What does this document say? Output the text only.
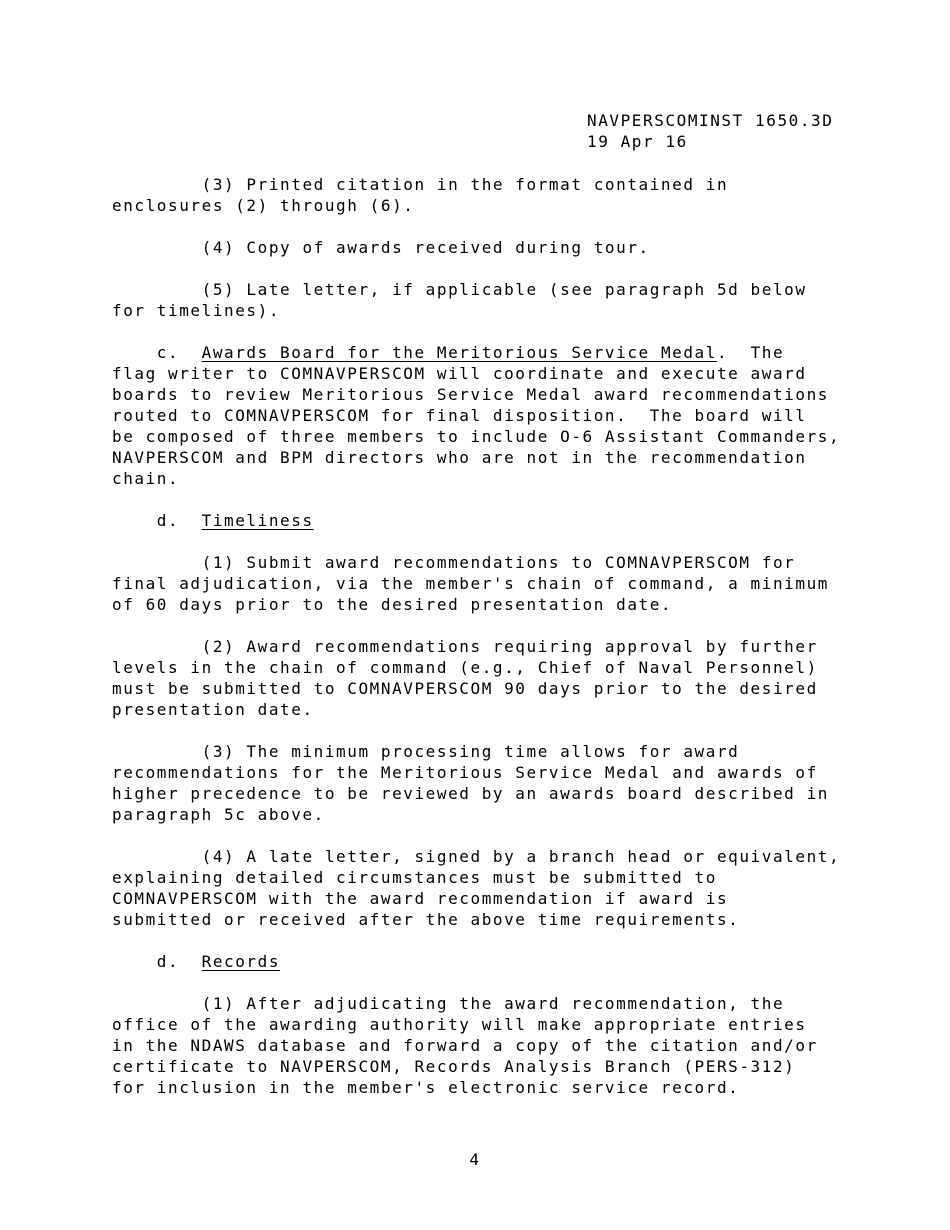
NAVPERSCOMINST 1650.3D
19 Apr 16
(3) Printed citation in the format contained in
enclosures (2) through (6).
(4) Copy of awards received during tour.
(5) Late letter, if applicable (see paragraph 5d below
for timelines).
c.  Awards Board for the Meritorious Service Medal.  The
flag writer to COMNAVPERSCOM will coordinate and execute award
boards to review Meritorious Service Medal award recommendations
routed to COMNAVPERSCOM for final disposition.  The board will
be composed of three members to include O-6 Assistant Commanders,
NAVPERSCOM and BPM directors who are not in the recommendation
chain.
d.  Timeliness
(1) Submit award recommendations to COMNAVPERSCOM for
final adjudication, via the member's chain of command, a minimum
of 60 days prior to the desired presentation date.
(2) Award recommendations requiring approval by further
levels in the chain of command (e.g., Chief of Naval Personnel)
must be submitted to COMNAVPERSCOM 90 days prior to the desired
presentation date.
(3) The minimum processing time allows for award
recommendations for the Meritorious Service Medal and awards of
higher precedence to be reviewed by an awards board described in
paragraph 5c above.
(4) A late letter, signed by a branch head or equivalent,
explaining detailed circumstances must be submitted to
COMNAVPERSCOM with the award recommendation if award is
submitted or received after the above time requirements.
d.  Records
(1) After adjudicating the award recommendation, the
office of the awarding authority will make appropriate entries
in the NDAWS database and forward a copy of the citation and/or
certificate to NAVPERSCOM, Records Analysis Branch (PERS-312)
for inclusion in the member's electronic service record.
4
